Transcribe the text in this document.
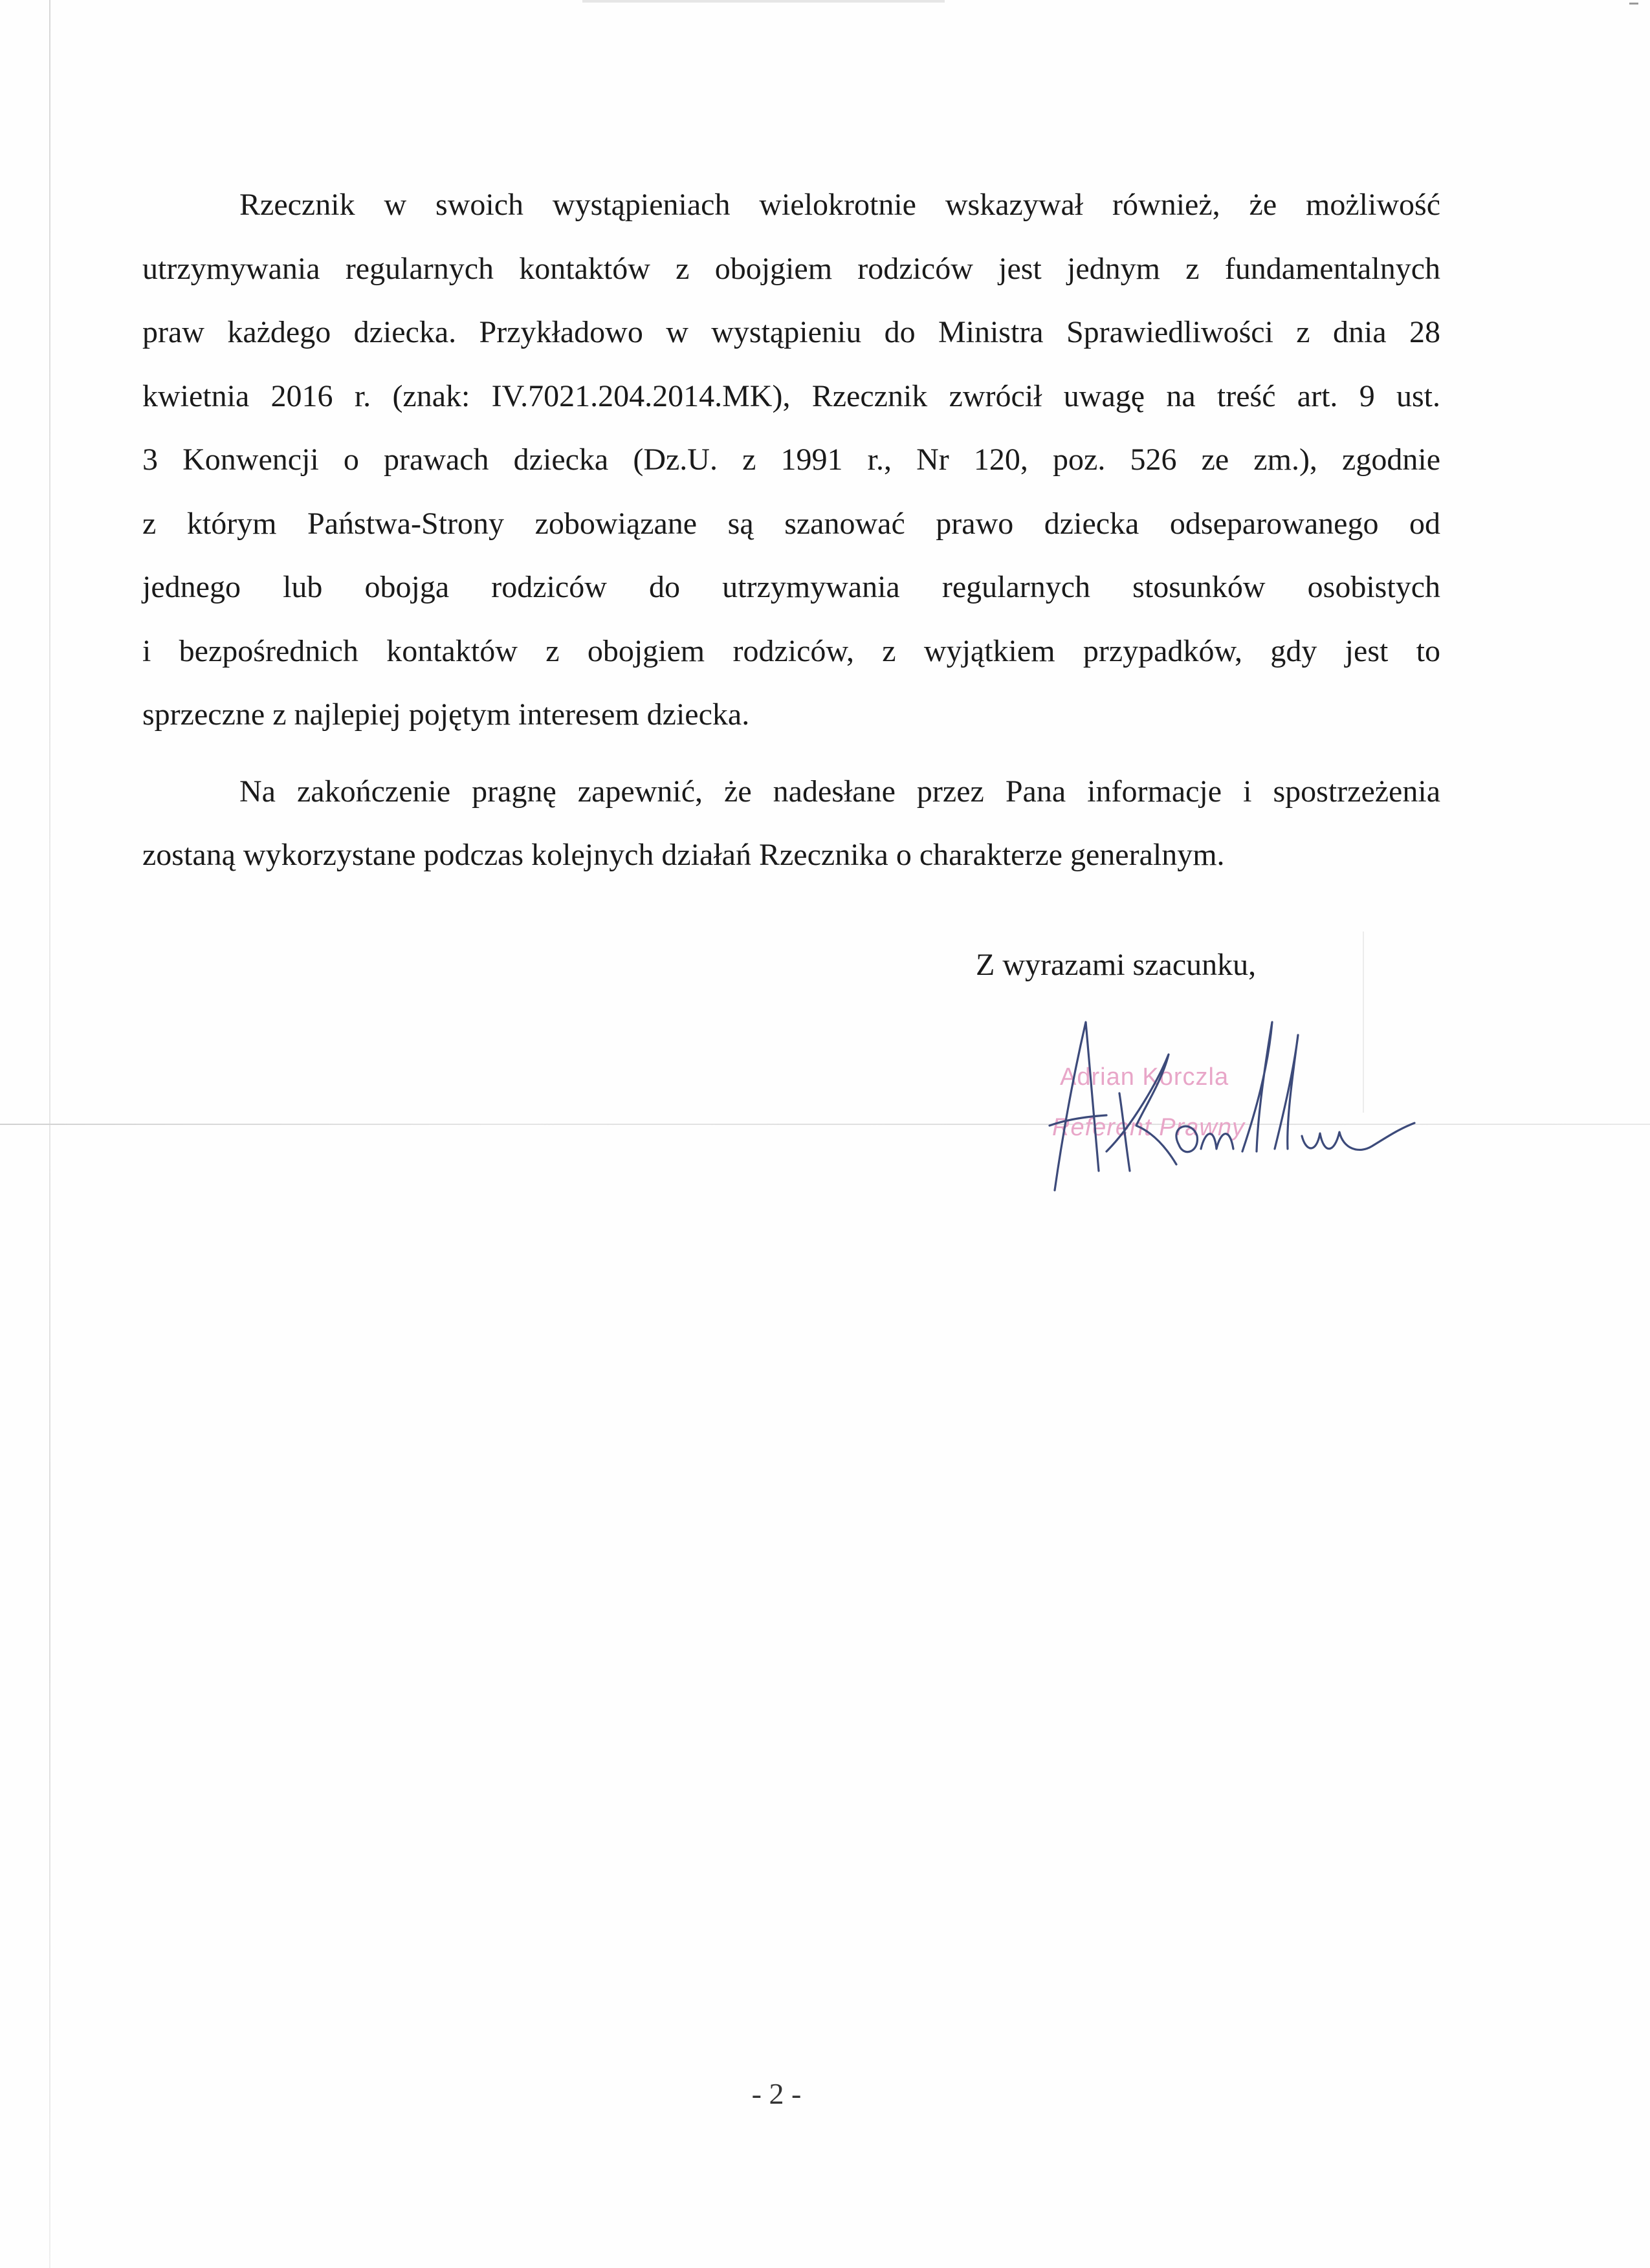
Rzecznik w swoich wystąpieniach wielokrotnie wskazywał również, że możliwość
utrzymywania regularnych kontaktów z obojgiem rodziców jest jednym z fundamentalnych
praw każdego dziecka. Przykładowo w wystąpieniu do Ministra Sprawiedliwości z dnia 28
kwietnia 2016 r. (znak: IV.7021.204.2014.MK), Rzecznik zwrócił uwagę na treść art. 9 ust.
3 Konwencji o prawach dziecka (Dz.U. z 1991 r., Nr 120, poz. 526 ze zm.), zgodnie
z którym Państwa-Strony zobowiązane są szanować prawo dziecka odseparowanego od
jednego lub obojga rodziców do utrzymywania regularnych stosunków osobistych
i bezpośrednich kontaktów z obojgiem rodziców, z wyjątkiem przypadków, gdy jest to
sprzeczne z najlepiej pojętym interesem dziecka.

Na zakończenie pragnę zapewnić, że nadesłane przez Pana informacje i spostrzeżenia
zostaną wykorzystane podczas kolejnych działań Rzecznika o charakterze generalnym.

Z wyrazami szacunku,
Adrian Korczla
Referent Prawny
- 2 -
